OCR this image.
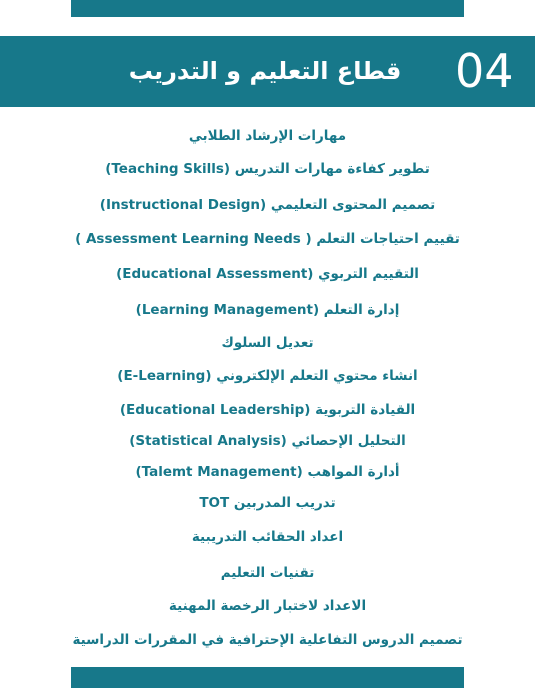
04
قطاع التعليم و التدريب
مهارات الإرشاد الطلابي
تطوير كفاءة مهارات التدريس (Teaching Skills)
تصميم المحتوى التعليمي (Instructional Design)
تقييم احتياجات التعلم ( Assessment Learning Needs )
التقييم التربوي (Educational Assessment)
إدارة التعلم (Learning Management)
تعديل السلوك
انشاء محتوي التعلم الإلكتروني (E-Learning)
القيادة التربوية (Educational Leadership)
التحليل الإحصائي (Statistical Analysis)
أدارة المواهب (Talemt Management)
تدريب المدربين TOT
اعداد الحقائب التدريبية
تقنيات التعليم
الاعداد لاختبار الرخصة المهنية
تصميم الدروس التفاعلية الإحترافية في المقررات الدراسية
